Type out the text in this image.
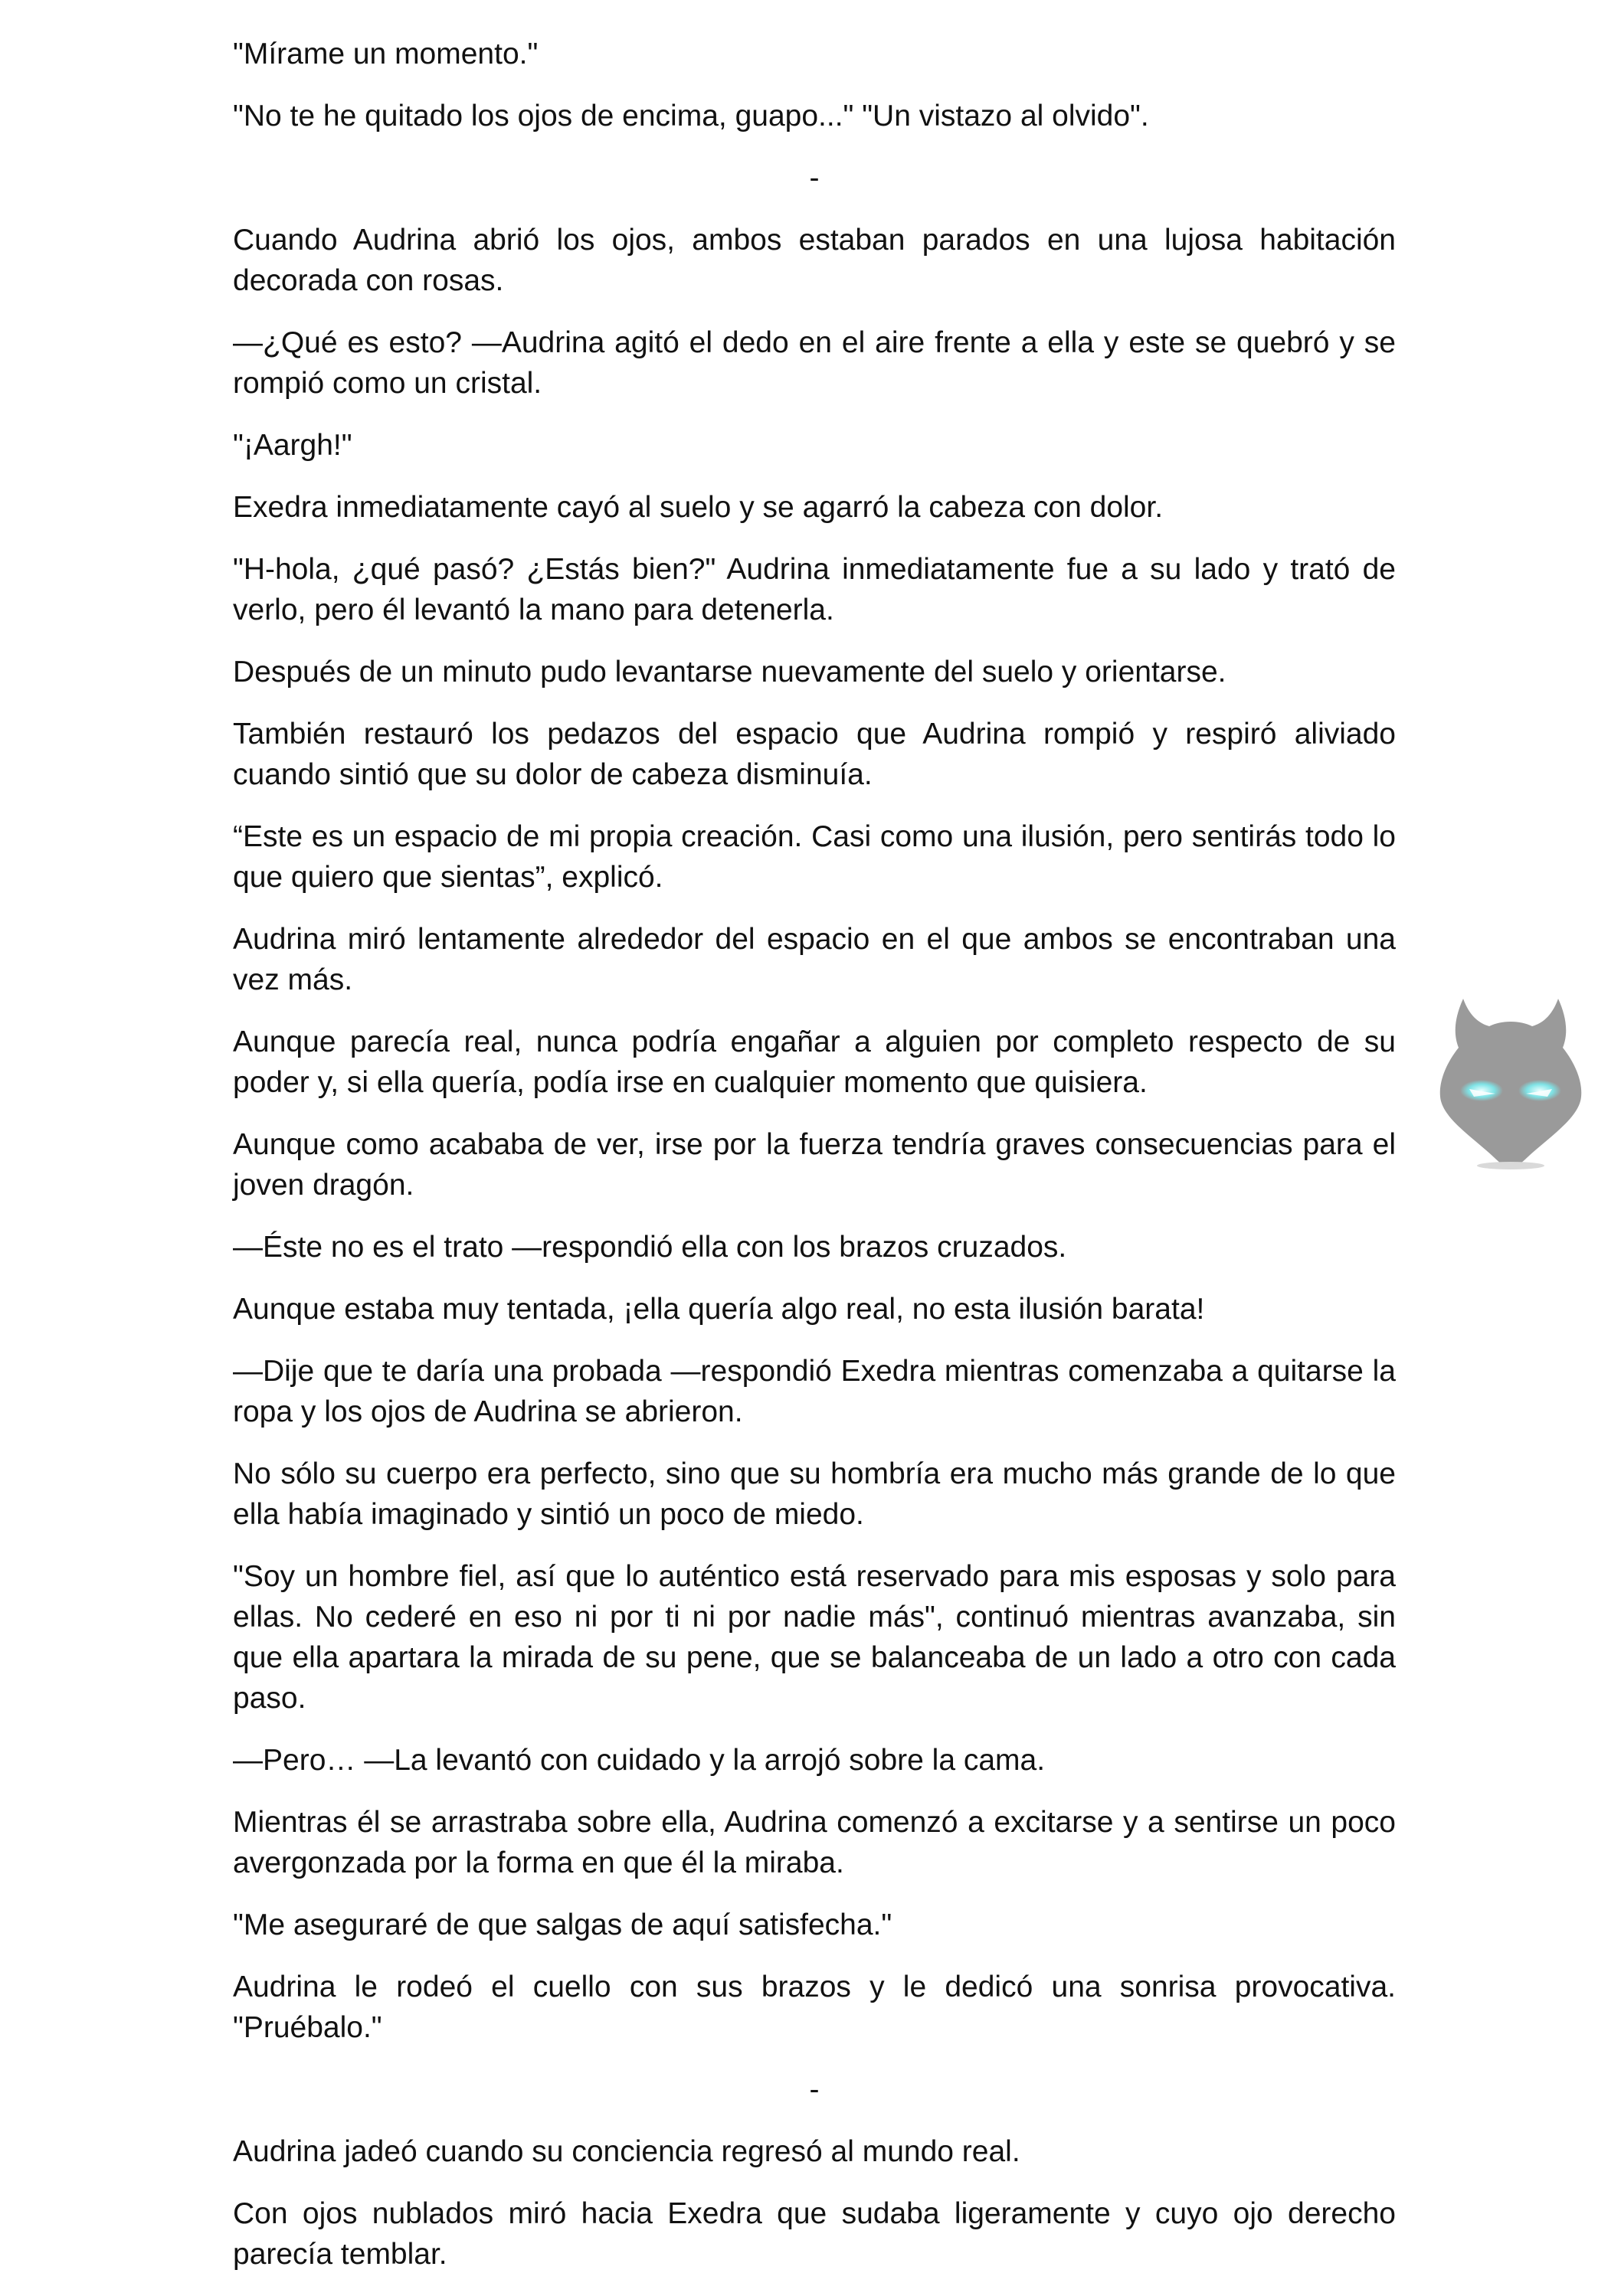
"Mírame un momento."

"No te he quitado los ojos de encima, guapo..." "Un vistazo al olvido".

-

Cuando Audrina abrió los ojos, ambos estaban parados en una lujosa habitación decorada con rosas.

—¿Qué es esto? —Audrina agitó el dedo en el aire frente a ella y este se quebró y se rompió como un cristal.

"¡Aargh!"

Exedra inmediatamente cayó al suelo y se agarró la cabeza con dolor.

"H-hola, ¿qué pasó? ¿Estás bien?" Audrina inmediatamente fue a su lado y trató de verlo, pero él levantó la mano para detenerla.

Después de un minuto pudo levantarse nuevamente del suelo y orientarse.

También restauró los pedazos del espacio que Audrina rompió y respiró aliviado cuando sintió que su dolor de cabeza disminuía.

“Este es un espacio de mi propia creación. Casi como una ilusión, pero sentirás todo lo que quiero que sientas”, explicó.

Audrina miró lentamente alrededor del espacio en el que ambos se encontraban una vez más.

Aunque parecía real, nunca podría engañar a alguien por completo respecto de su poder y, si ella quería, podía irse en cualquier momento que quisiera.

Aunque como acababa de ver, irse por la fuerza tendría graves consecuencias para el joven dragón.

—Éste no es el trato —respondió ella con los brazos cruzados.

Aunque estaba muy tentada, ¡ella quería algo real, no esta ilusión barata!

—Dije que te daría una probada —respondió Exedra mientras comenzaba a quitarse la ropa y los ojos de Audrina se abrieron.

No sólo su cuerpo era perfecto, sino que su hombría era mucho más grande de lo que ella había imaginado y sintió un poco de miedo.

"Soy un hombre fiel, así que lo auténtico está reservado para mis esposas y solo para ellas. No cederé en eso ni por ti ni por nadie más", continuó mientras avanzaba, sin que ella apartara la mirada de su pene, que se balanceaba de un lado a otro con cada paso.

—Pero… —La levantó con cuidado y la arrojó sobre la cama.

Mientras él se arrastraba sobre ella, Audrina comenzó a excitarse y a sentirse un poco avergonzada por la forma en que él la miraba.

"Me aseguraré de que salgas de aquí satisfecha."

Audrina le rodeó el cuello con sus brazos y le dedicó una sonrisa provocativa. "Pruébalo."

-

Audrina jadeó cuando su conciencia regresó al mundo real.

Con ojos nublados miró hacia Exedra que sudaba ligeramente y cuyo ojo derecho parecía temblar.
